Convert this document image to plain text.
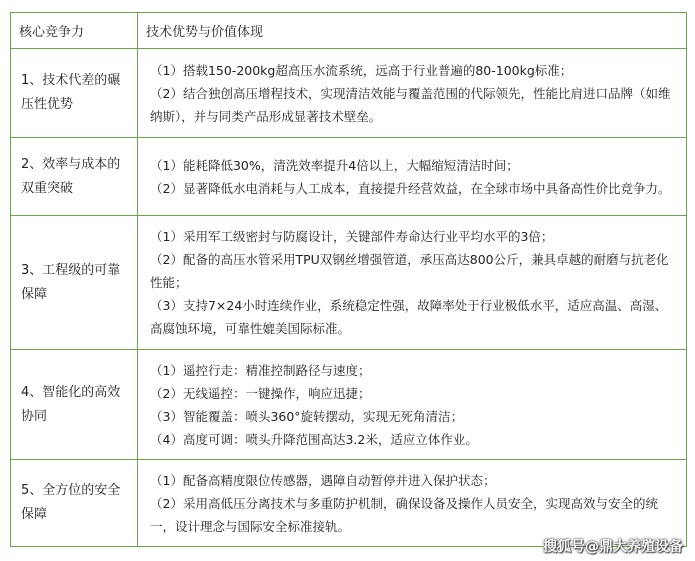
核心竞争力	技术优势与价值体现
1、技术代差的碾压性优势	（1）搭载150-200kg超高压水流系统，远高于行业普遍的80-100kg标准；
（2）结合独创高压增程技术，实现清洁效能与覆盖范围的代际领先，性能比肩进口品牌（如维纳斯），并与同类产品形成显著技术壁垒。

2、效率与成本的双重突破	（1）能耗降低30%，清洗效率提升4倍以上，大幅缩短清洁时间；
（2）显著降低水电消耗与人工成本，直接提升经营效益，在全球市场中具备高性价比竞争力。

3、工程级的可靠保障	（1）采用军工级密封与防腐设计，关键部件寿命达行业平均水平的3倍；
（2）配备的高压水管采用TPU双钢丝增强管道，承压高达800公斤，兼具卓越的耐磨与抗老化性能；
（3）支持7×24小时连续作业，系统稳定性强，故障率处于行业极低水平，适应高温、高湿、高腐蚀环境，可靠性媲美国际标准。

4、智能化的高效协同	（1）遥控行走：精准控制路径与速度；
（2）无线遥控：一键操作，响应迅捷；
（3）智能覆盖：喷头360°旋转摆动，实现无死角清洁；
（4）高度可调：喷头升降范围高达3.2米，适应立体作业。

5、全方位的安全保障	（1）配备高精度限位传感器，遇障自动暂停并进入保护状态；
（2）采用高低压分离技术与多重防护机制，确保设备及操作人员安全，实现高效与安全的统一，设计理念与国际安全标准接轨。
搜狐号@鼎大养殖设备
